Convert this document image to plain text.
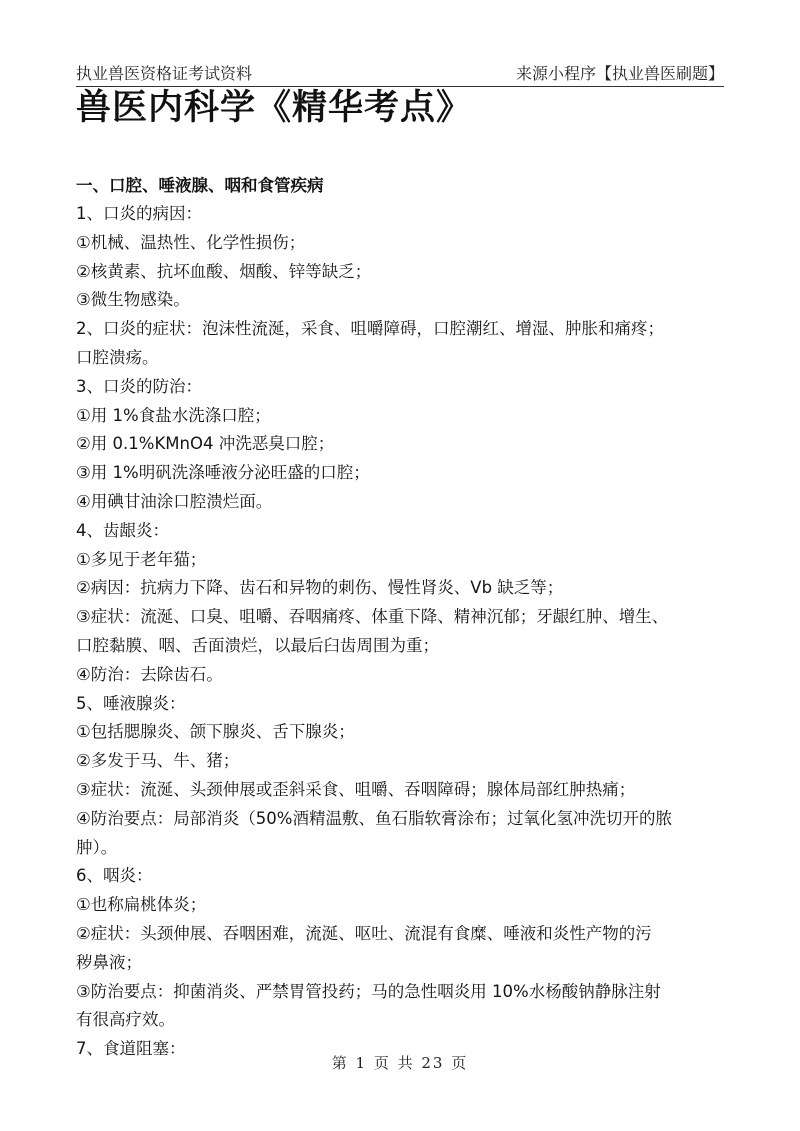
执业兽医资格证考试资料	来源小程序【执业兽医刷题】
兽医内科学《精华考点》
一、口腔、唾液腺、咽和食管疾病
1、口炎的病因：
①机械、温热性、化学性损伤；
②核黄素、抗坏血酸、烟酸、锌等缺乏；
③微生物感染。
2、口炎的症状：泡沫性流涎，采食、咀嚼障碍，口腔潮红、增湿、肿胀和痛疼；
口腔溃疡。
3、口炎的防治：
①用 1%食盐水洗涤口腔；
②用 0.1%KMnO4 冲洗恶臭口腔；
③用 1%明矾洗涤唾液分泌旺盛的口腔；
④用碘甘油涂口腔溃烂面。
4、齿龈炎：
①多见于老年猫；
②病因：抗病力下降、齿石和异物的刺伤、慢性肾炎、Vb 缺乏等；
③症状：流涎、口臭、咀嚼、吞咽痛疼、体重下降、精神沉郁；牙龈红肿、增生、
口腔黏膜、咽、舌面溃烂，以最后臼齿周围为重；
④防治：去除齿石。
5、唾液腺炎：
①包括腮腺炎、颌下腺炎、舌下腺炎；
②多发于马、牛、猪；
③症状：流涎、头颈伸展或歪斜采食、咀嚼、吞咽障碍；腺体局部红肿热痛；
④防治要点：局部消炎（50%酒精温敷、鱼石脂软膏涂布；过氧化氢冲洗切开的脓
肿）。
6、咽炎：
①也称扁桃体炎；
②症状：头颈伸展、吞咽困难，流涎、呕吐、流混有食糜、唾液和炎性产物的污
秽鼻液；
③防治要点：抑菌消炎、严禁胃管投药；马的急性咽炎用 10%水杨酸钠静脉注射
有很高疗效。
7、食道阻塞：
第 1 页 共 23 页
